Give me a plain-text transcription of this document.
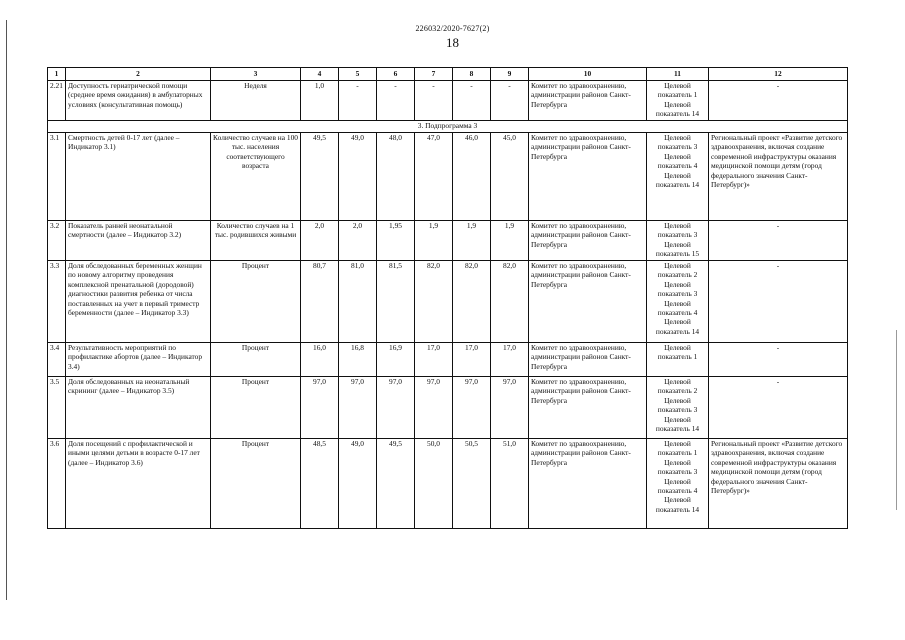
226032/2020-7627(2)
18
1	2	3	4	5	6	7	8	9	10	11	12
2.21	Доступность гериатрической помощи (среднее время ожидания) в амбулаторных условиях (консультативная помощь)	Неделя	1,0	-	-	-	-	-	Комитет по здравоохранению, администрации районов Санкт-Петербурга	Целевой показатель 1 Целевой показатель 14	-
3. Подпрограмма 3											
3.1	Смертность детей 0-17 лет (далее – Индикатор 3.1)	Количество случаев на 100 тыс. населения соответствующего возраста	49,5	49,0	48,0	47,0	46,0	45,0	Комитет по здравоохранению, администрации районов Санкт-Петербурга	Целевой показатель 3 Целевой показатель 4 Целевой показатель 14	Региональный проект «Развитие детского здравоохранения, включая создание современной инфраструктуры оказания медицинской помощи детям (город федерального значения Санкт-Петербург)»
3.2	Показатель ранней неонатальной смертности (далее – Индикатор 3.2)	Количество случаев на 1 тыс. родившихся живыми	2,0	2,0	1,95	1,9	1,9	1,9	Комитет по здравоохранению, администрации районов Санкт-Петербурга	Целевой показатель 3 Целевой показатель 15	-
3.3	Доля обследованных беременных женщин по новому алгоритму проведения комплексной пренатальной (дородовой) диагностики развития ребенка от числа поставленных на учет в первый триместр беременности (далее – Индикатор 3.3)	Процент	80,7	81,0	81,5	82,0	82,0	82,0	Комитет по здравоохранению, администрации районов Санкт-Петербурга	Целевой показатель 2 Целевой показатель 3 Целевой показатель 4 Целевой показатель 14	-
3.4	Результативность мероприятий по профилактике абортов (далее – Индикатор 3.4)	Процент	16,0	16,8	16,9	17,0	17,0	17,0	Комитет по здравоохранению, администрации районов Санкт-Петербурга	Целевой показатель 1	-
3.5	Доля обследованных на неонатальный скрининг (далее – Индикатор 3.5)	Процент	97,0	97,0	97,0	97,0	97,0	97,0	Комитет по здравоохранению, администрации районов Санкт-Петербурга	Целевой показатель 2 Целевой показатель 3 Целевой показатель 14	-
3.6	Доля посещений с профилактической и иными целями детьми в возрасте 0-17 лет (далее – Индикатор 3.6)	Процент	48,5	49,0	49,5	50,0	50,5	51,0	Комитет по здравоохранению, администрации районов Санкт-Петербурга	Целевой показатель 1 Целевой показатель 3 Целевой показатель 4 Целевой показатель 14	Региональный проект «Развитие детского здравоохранения, включая создание современной инфраструктуры оказания медицинской помощи детям (город федерального значения Санкт-Петербург)»
